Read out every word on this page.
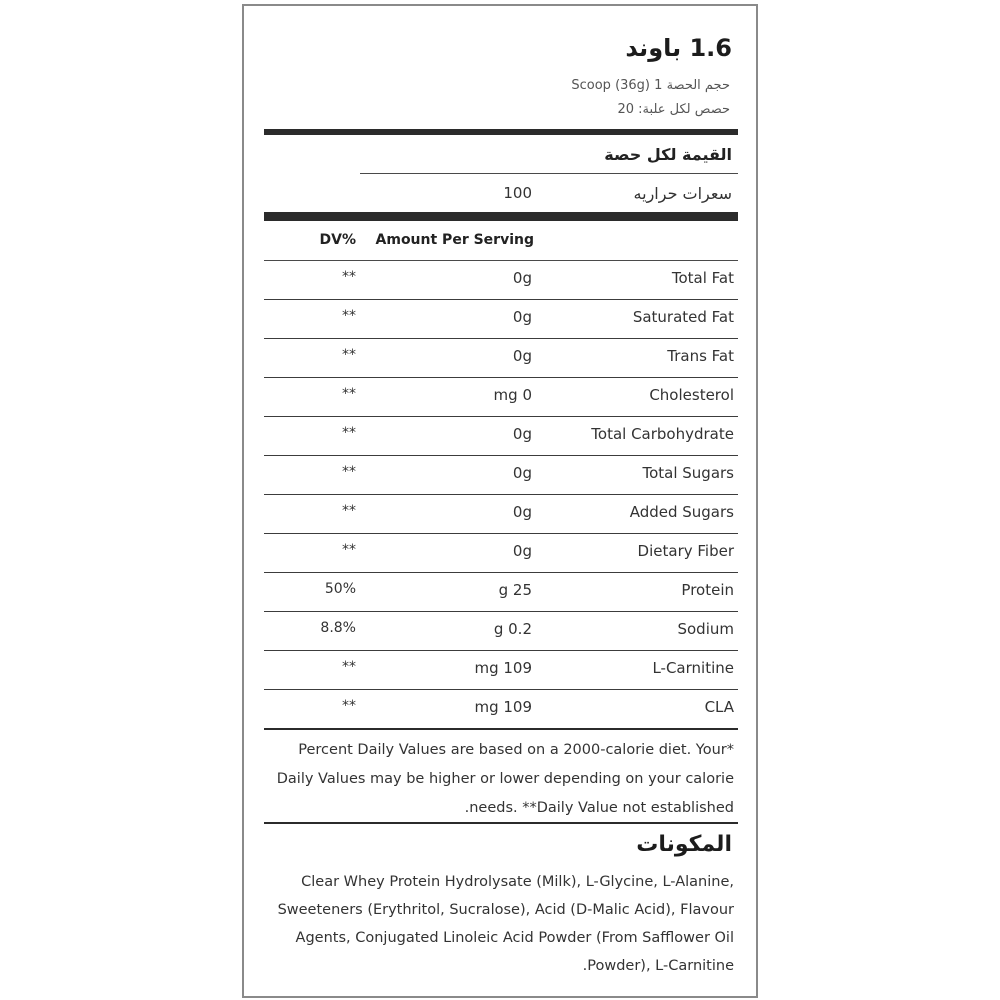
1.6 باوند
حجم الحصة 1 Scoop (36g)
حصص لكل علبة: 20
القيمة لكل حصة
سعرات حراريه
100
DV%	Amount Per Serving
Total Fat
0g
**
Saturated Fat
0g
**
Trans Fat
0g
**
Cholesterol
mg 0
**
Total Carbohydrate
0g
**
Total Sugars
0g
**
Added Sugars
0g
**
Dietary Fiber
0g
**
Protein
g 25
50%
Sodium
g 0.2
8.8%
L-Carnitine
mg 109
**
CLA
mg 109
**
*Percent Daily Values are based on a 2000-calorie diet. Your Daily Values may be higher or lower depending on your calorie needs. **Daily Value not established.
المكونات
Clear Whey Protein Hydrolysate (Milk), L-Glycine, L-Alanine, Sweeteners (Erythritol, Sucralose), Acid (D-Malic Acid), Flavour Agents, Conjugated Linoleic Acid Powder (From Safflower Oil Powder), L-Carnitine.
